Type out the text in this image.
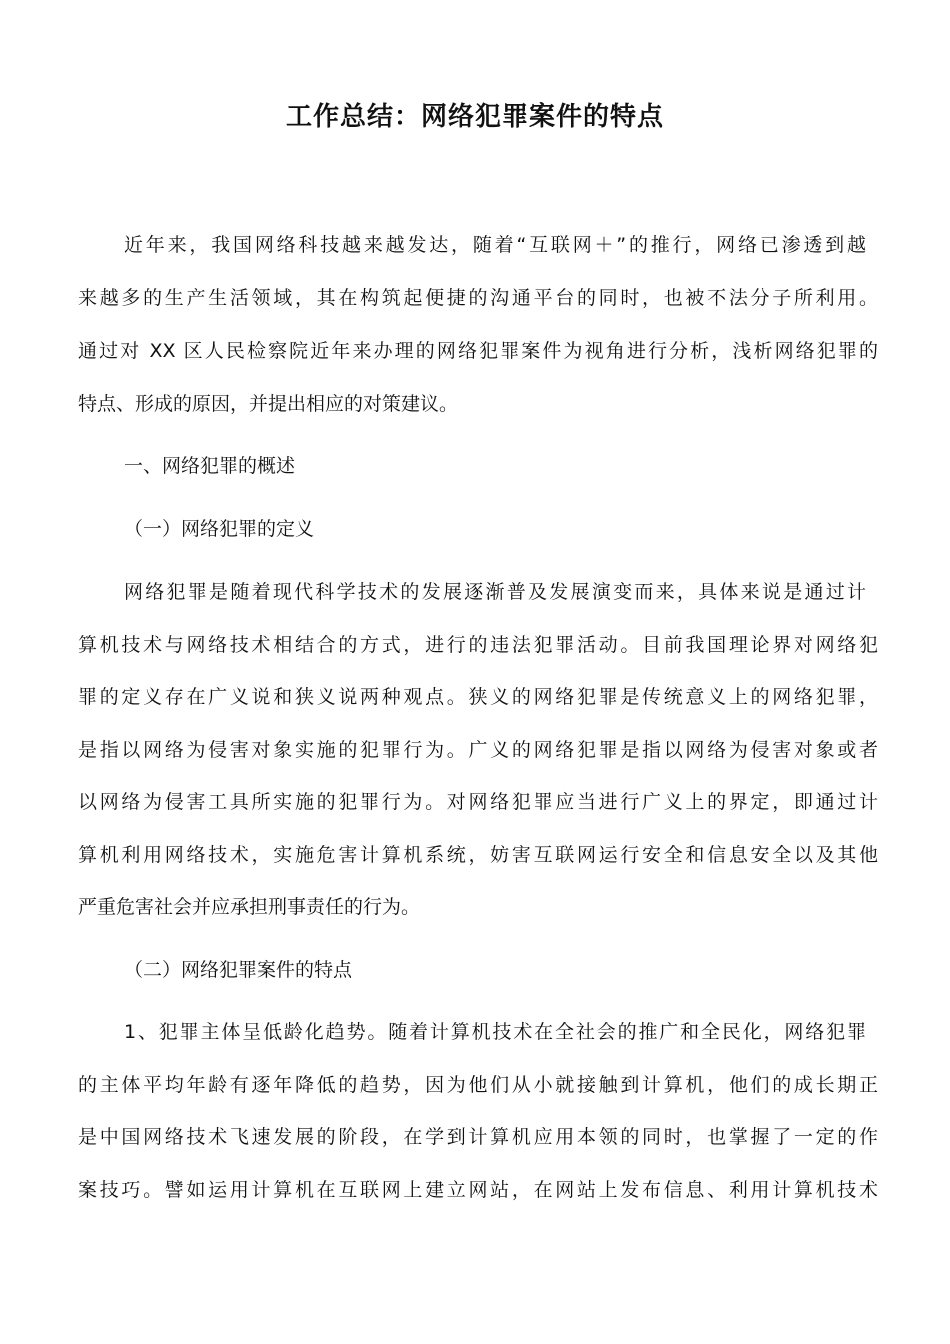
工作总结：网络犯罪案件的特点
近年来，我国网络科技越来越发达，随着“互联网＋”的推行，网络已渗透到越
来越多的生产生活领域，其在构筑起便捷的沟通平台的同时，也被不法分子所利用。
通过对 XX 区人民检察院近年来办理的网络犯罪案件为视角进行分析，浅析网络犯罪的
特点、形成的原因，并提出相应的对策建议。
一、网络犯罪的概述
（一）网络犯罪的定义
网络犯罪是随着现代科学技术的发展逐渐普及发展演变而来，具体来说是通过计
算机技术与网络技术相结合的方式，进行的违法犯罪活动。目前我国理论界对网络犯
罪的定义存在广义说和狭义说两种观点。狭义的网络犯罪是传统意义上的网络犯罪，
是指以网络为侵害对象实施的犯罪行为。广义的网络犯罪是指以网络为侵害对象或者
以网络为侵害工具所实施的犯罪行为。对网络犯罪应当进行广义上的界定，即通过计
算机利用网络技术，实施危害计算机系统，妨害互联网运行安全和信息安全以及其他
严重危害社会并应承担刑事责任的行为。
（二）网络犯罪案件的特点
1、犯罪主体呈低龄化趋势。随着计算机技术在全社会的推广和全民化，网络犯罪
的主体平均年龄有逐年降低的趋势，因为他们从小就接触到计算机，他们的成长期正
是中国网络技术飞速发展的阶段，在学到计算机应用本领的同时，也掌握了一定的作
案技巧。譬如运用计算机在互联网上建立网站，在网站上发布信息、利用计算机技术
